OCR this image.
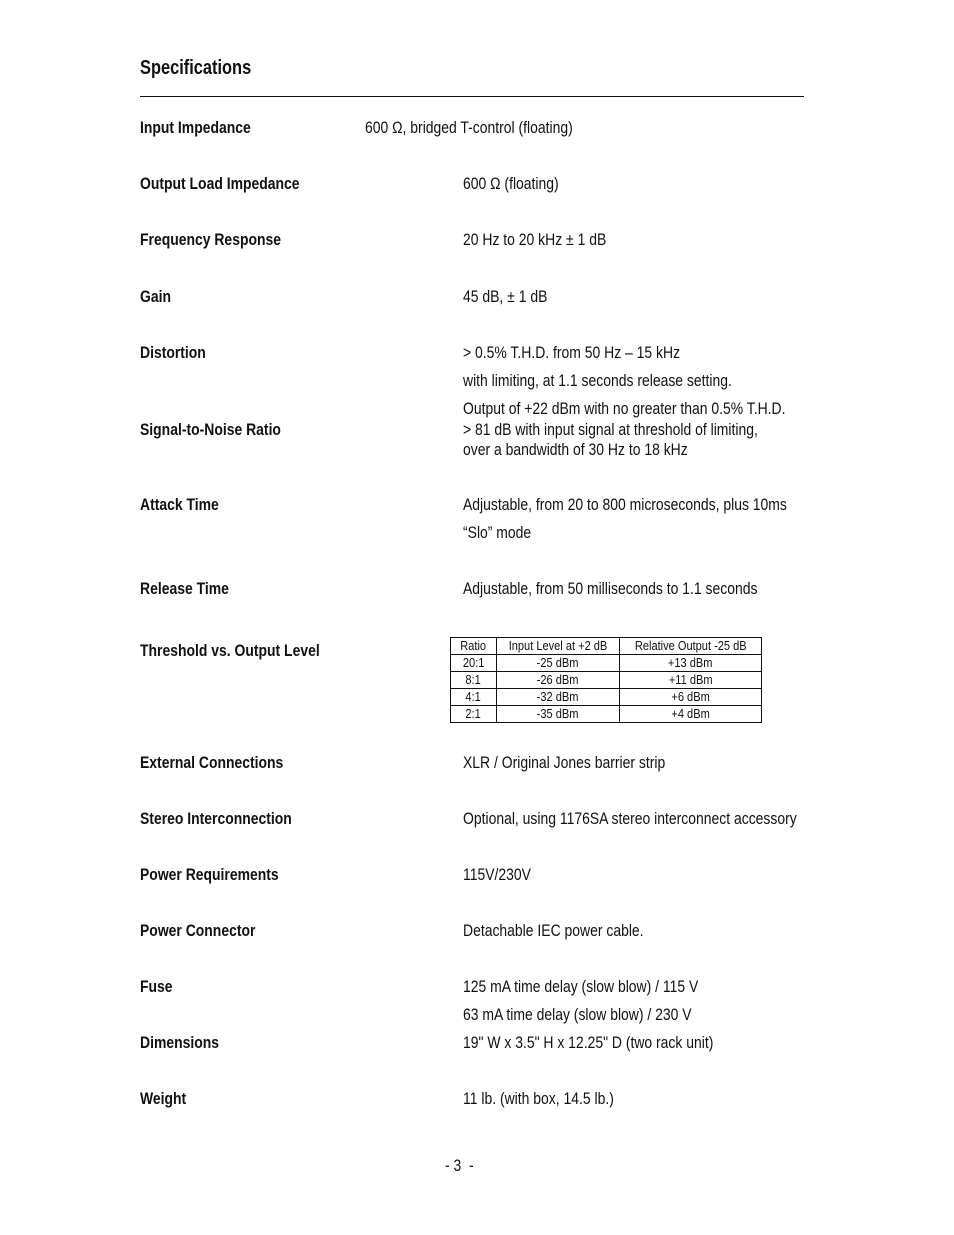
Specifications
Input Impedance	600 Ω, bridged T-control (floating)
Output Load Impedance	600 Ω (floating)
Frequency Response	20 Hz to 20 kHz ± 1 dB
Gain	45 dB, ± 1 dB
Distortion	> 0.5% T.H.D. from 50 Hz – 15 kHz
with limiting, at 1.1 seconds release setting.
Output of +22 dBm with no greater than 0.5% T.H.D.
Signal-to-Noise Ratio	> 81 dB with input signal at threshold of limiting,
over a bandwidth of 30 Hz to 18 kHz
Attack Time	Adjustable, from 20 to 800 microseconds, plus 10ms
“Slo” mode
Release Time	Adjustable, from 50 milliseconds to 1.1 seconds
Threshold vs. Output Level	Ratio	Input Level at +2 dB	Relative Output -25 dB
20:1	-25 dBm	+13 dBm
8:1	-26 dBm	+11 dBm
4:1	-32 dBm	+6 dBm
2:1	-35 dBm	+4 dBm
External Connections	XLR / Original Jones barrier strip
Stereo Interconnection	Optional, using 1176SA stereo interconnect accessory
Power Requirements	115V/230V
Power Connector	Detachable IEC power cable.
Fuse	125 mA time delay (slow blow) / 115 V
63 mA time delay (slow blow) / 230 V
Dimensions	19" W x 3.5" H x 12.25" D (two rack unit)
Weight	11 lb. (with box, 14.5 lb.)
- 3  -
